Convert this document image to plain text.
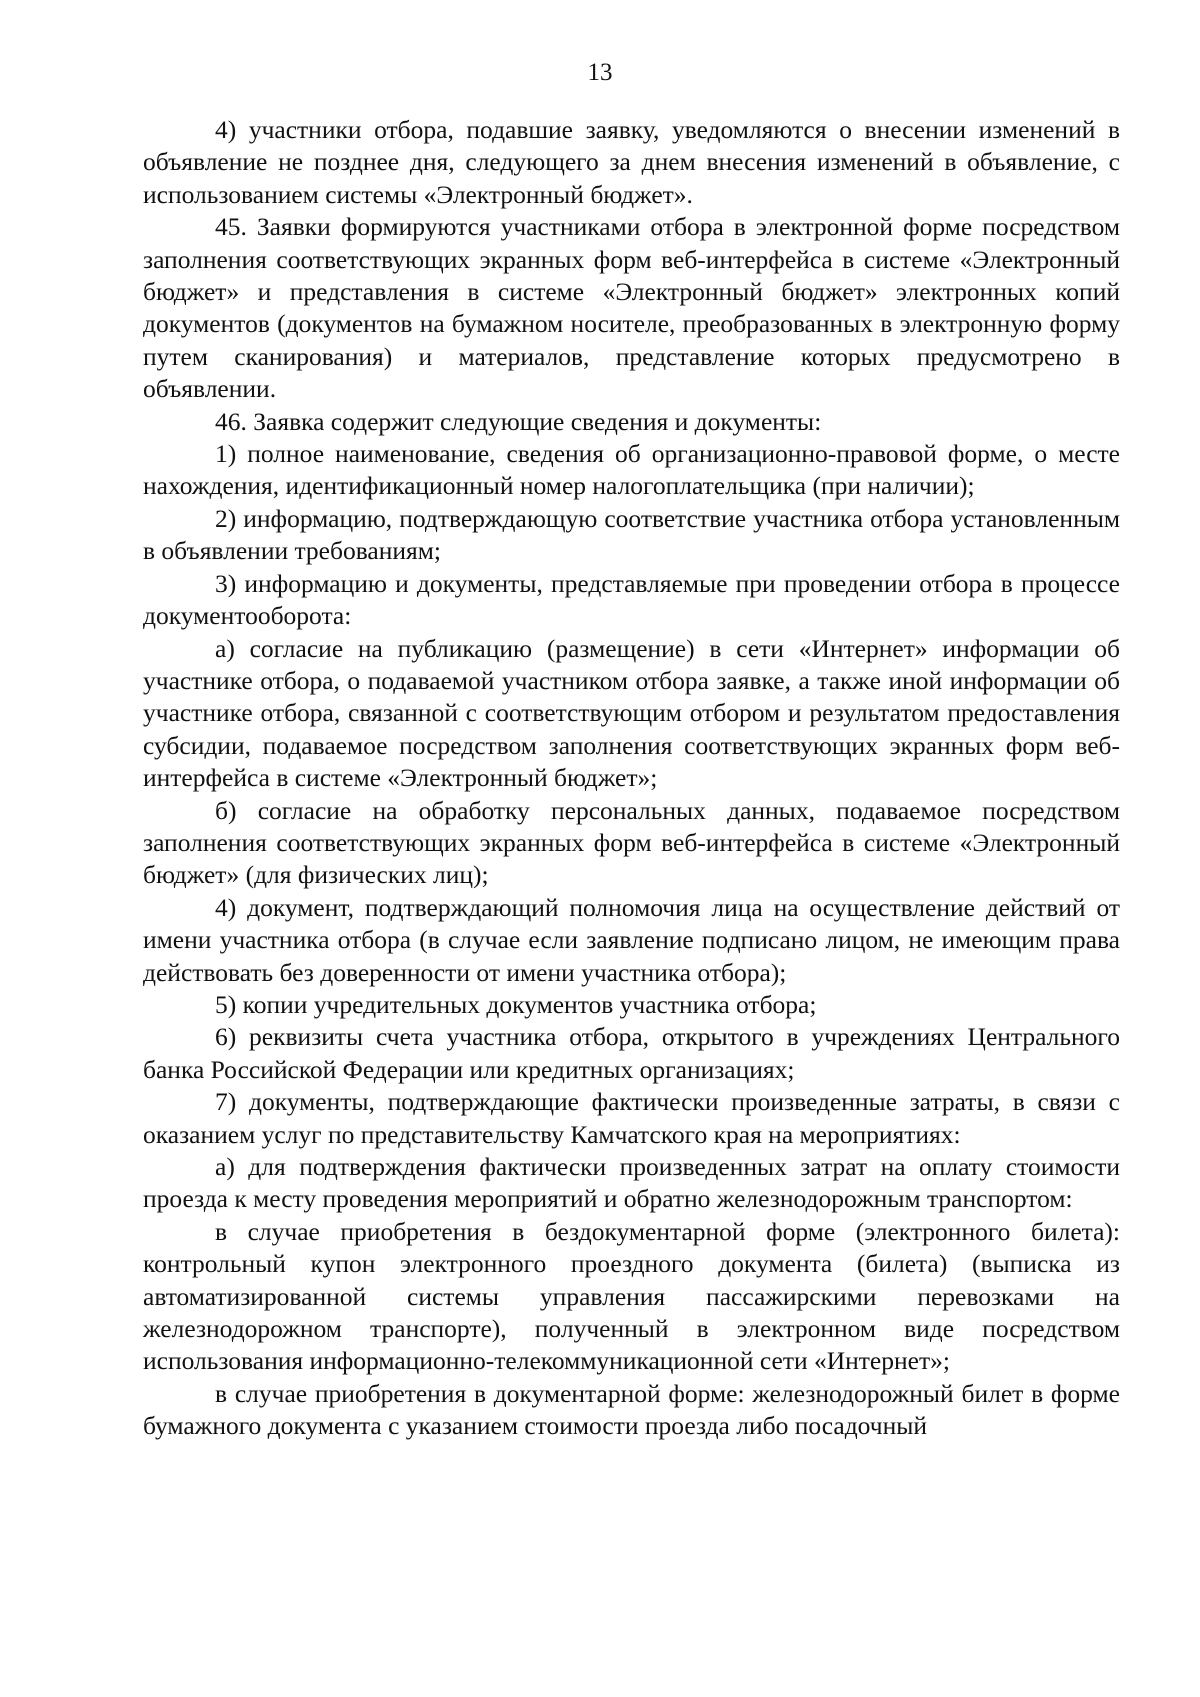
13

4) участники отбора, подавшие заявку, уведомляются о внесении изменений в объявление не позднее дня, следующего за днем внесения изменений в объявление, с использованием системы «Электронный бюджет».

45. Заявки формируются участниками отбора в электронной форме посредством заполнения соответствующих экранных форм веб-интерфейса в системе «Электронный бюджет» и представления в системе «Электронный бюджет» электронных копий документов (документов на бумажном носителе, преобразованных в электронную форму путем сканирования) и материалов, представление которых предусмотрено в объявлении.

46. Заявка содержит следующие сведения и документы:

1) полное наименование, сведения об организационно-правовой форме, о месте нахождения, идентификационный номер налогоплательщика (при наличии);

2) информацию, подтверждающую соответствие участника отбора установленным в объявлении требованиям;

3) информацию и документы, представляемые при проведении отбора в процессе документооборота:

а) согласие на публикацию (размещение) в сети «Интернет» информации об участнике отбора, о подаваемой участником отбора заявке, а также иной информации об участнике отбора, связанной с соответствующим отбором и результатом предоставления субсидии, подаваемое посредством заполнения соответствующих экранных форм веб-интерфейса в системе «Электронный бюджет»;

б) согласие на обработку персональных данных, подаваемое посредством заполнения соответствующих экранных форм веб-интерфейса в системе «Электронный бюджет» (для физических лиц);

4) документ, подтверждающий полномочия лица на осуществление действий от имени участника отбора (в случае если заявление подписано лицом, не имеющим права действовать без доверенности от имени участника отбора);

5) копии учредительных документов участника отбора;

6) реквизиты счета участника отбора, открытого в учреждениях Центрального банка Российской Федерации или кредитных организациях;

7) документы, подтверждающие фактически произведенные затраты, в связи с оказанием услуг по представительству Камчатского края на мероприятиях:

а) для подтверждения фактически произведенных затрат на оплату стоимости проезда к месту проведения мероприятий и обратно железнодорожным транспортом:

в случае приобретения в бездокументарной форме (электронного билета): контрольный купон электронного проездного документа (билета) (выписка из автоматизированной системы управления пассажирскими перевозками на железнодорожном транспорте), полученный в электронном виде посредством использования информационно-телекоммуникационной сети «Интернет»;

в случае приобретения в документарной форме: железнодорожный билет в форме бумажного документа с указанием стоимости проезда либо посадочный
